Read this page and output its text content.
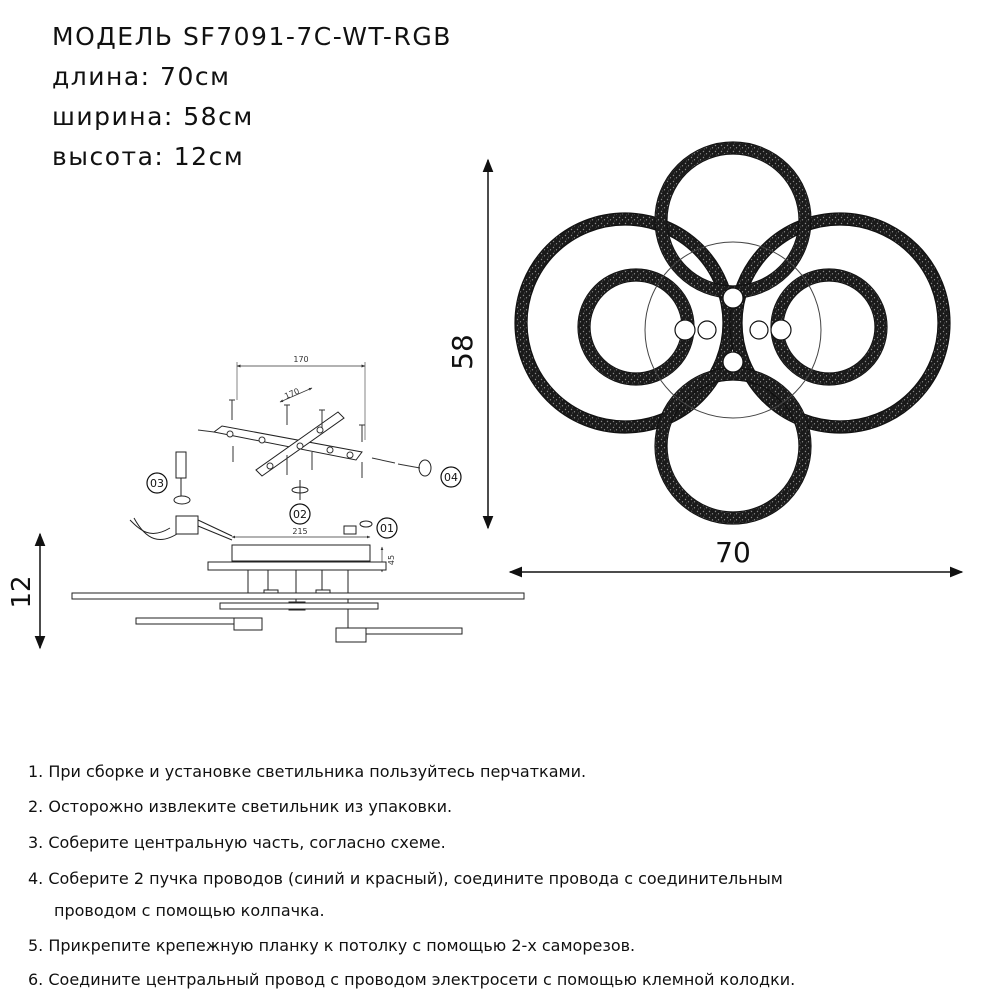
МОДЕЛЬ SF7091-7C-WT-RGB
длина: 70см
ширина: 58см
высота: 12см
58
70
12
170
170
215
45
01
02
03	04
1. При сборке и установке светильника пользуйтесь перчатками.
2. Осторожно извлеките светильник из упаковки.
3. Соберите центральную часть, согласно схеме.
4. Соберите 2 пучка проводов (синий и красный), соедините провода с соединительным
проводом с помощью колпачка.
5. Прикрепите крепежную планку к потолку с помощью 2-х саморезов.
6. Соедините центральный провод с проводом электросети с помощью клемной колодки.
